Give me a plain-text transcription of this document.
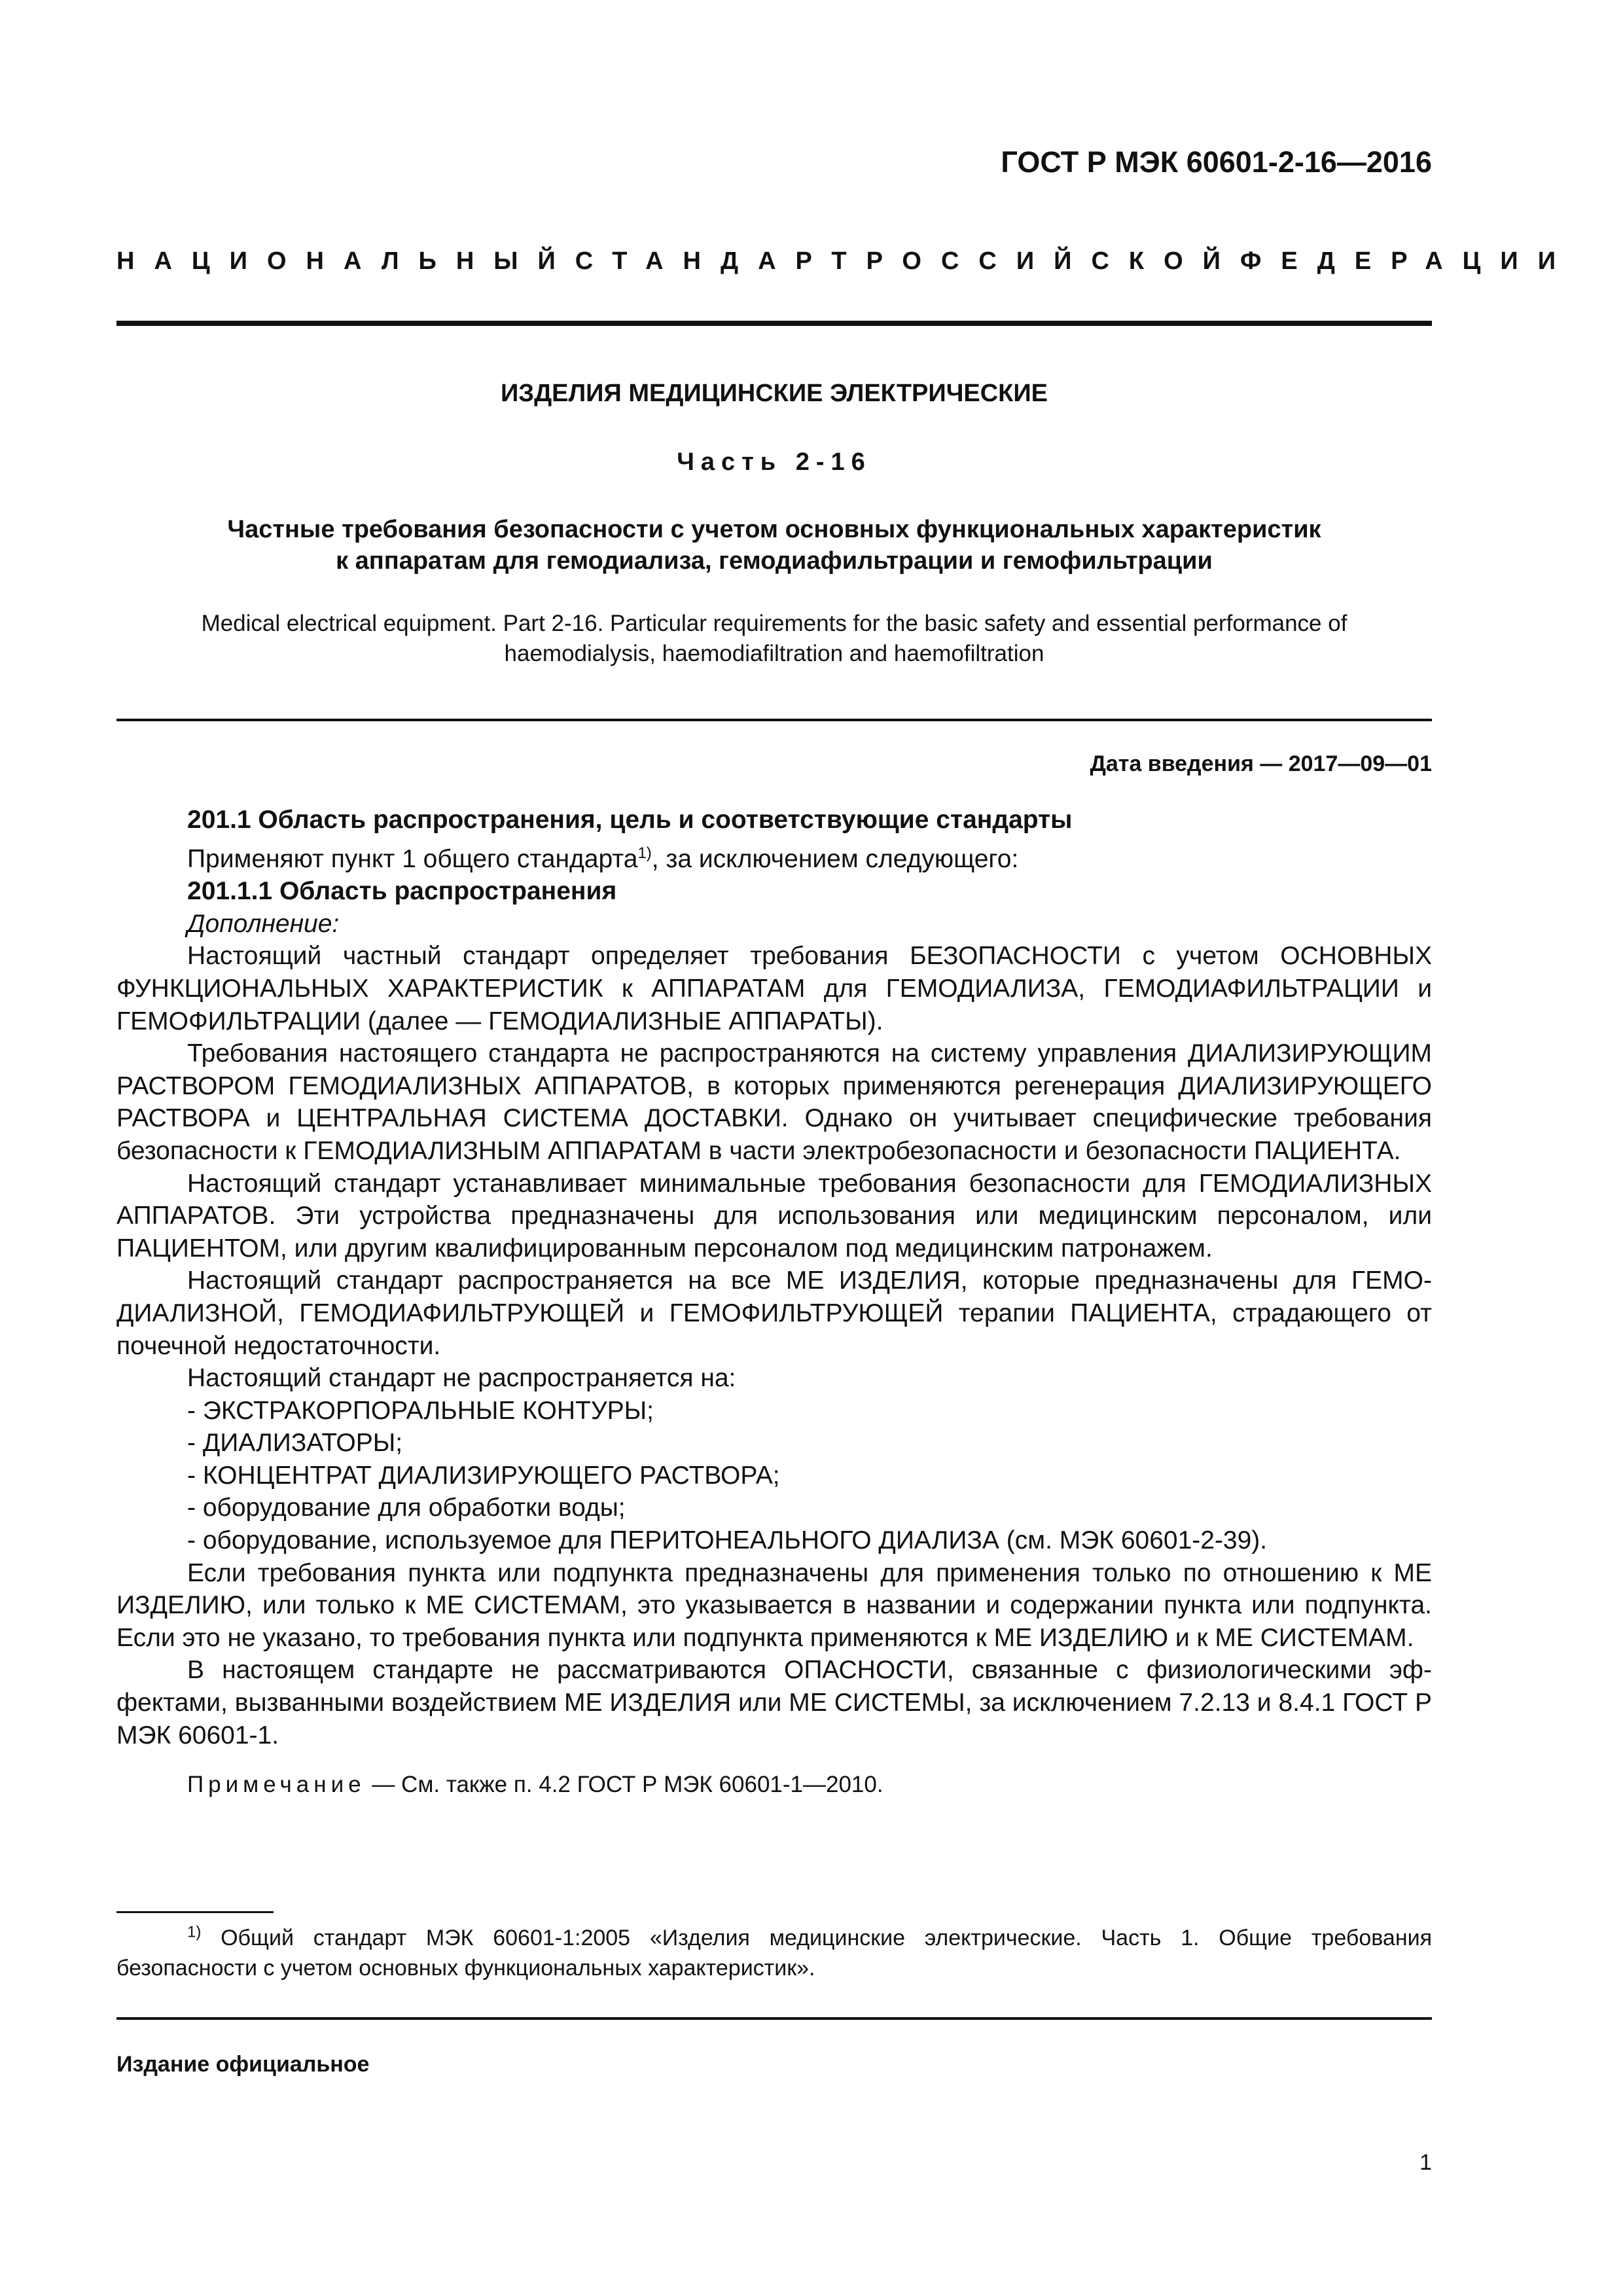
ГОСТ Р МЭК 60601-2-16—2016
НАЦИОНАЛЬНЫЙ СТАНДАРТ РОССИЙСКОЙ ФЕДЕРАЦИИ
ИЗДЕЛИЯ МЕДИЦИНСКИЕ ЭЛЕКТРИЧЕСКИЕ
Часть 2-16
Частные требования безопасности с учетом основных функциональных характеристик
к аппаратам для гемодиализа, гемодиафильтрации и гемофильтрации
Medical electrical equipment. Part 2-16. Particular requirements for the basic safety and essential performance of
haemodialysis, haemodiafiltration and haemofiltration
Дата введения — 2017—09—01

201.1 Область распространения, цель и соответствующие стандарты

Применяют пункт 1 общего стандарта$^{1)}$, за исключением следующего:

201.1.1 Область распространения

Дополнение:

Настоящий частный стандарт определяет требования БЕЗОПАСНОСТИ с учетом ОСНОВНЫХ ФУНКЦИОНАЛЬНЫХ ХАРАКТЕРИСТИК к АППАРАТАМ для ГЕМОДИАЛИЗА, ГЕМОДИАФИЛЬТРАЦИИ и ГЕМОФИЛЬТРАЦИИ (далее — ГЕМОДИАЛИЗНЫЕ АППАРАТЫ).

Требования настоящего стандарта не распространяются на систему управления ДИАЛИЗИРУЮЩИМ РАСТВОРОМ ГЕМОДИАЛИЗНЫХ АППАРАТОВ, в которых применяются регенерация ДИАЛИЗИРУЮЩЕГО РАСТВОРА и ЦЕНТРАЛЬНАЯ СИСТЕМА ДОСТАВКИ. Однако он учитывает специфические требования безопасности к ГЕМОДИАЛИЗНЫМ АППАРАТАМ в части электробезопасности и безопасности ПАЦИЕНТА.

Настоящий стандарт устанавливает минимальные требования безопасности для ГЕМОДИАЛИЗНЫХ АППАРАТОВ. Эти устройства предназначены для использования или медицинским персоналом, или ПАЦИЕНТОМ, или другим квалифицированным персоналом под медицинским патронажем.

Настоящий стандарт распространяется на все МЕ ИЗДЕЛИЯ, которые предназначены для ГЕМОДИАЛИЗНОЙ, ГЕМОДИАФИЛЬТРУЮЩЕЙ и ГЕМОФИЛЬТРУЮЩЕЙ терапии ПАЦИЕНТА, страдающего от почечной недостаточности.

Настоящий стандарт не распространяется на:

- ЭКСТРАКОРПОРАЛЬНЫЕ КОНТУРЫ;

- ДИАЛИЗАТОРЫ;

- КОНЦЕНТРАТ ДИАЛИЗИРУЮЩЕГО РАСТВОРА;

- оборудование для обработки воды;

- оборудование, используемое для ПЕРИТОНЕАЛЬНОГО ДИАЛИЗА (см. МЭК 60601-2-39).

Если требования пункта или подпункта предназначены для применения только по отношению к МЕ ИЗДЕЛИЮ, или только к МЕ СИСТЕМАМ, это указывается в названии и содержании пункта или подпункта. Если это не указано, то требования пункта или подпункта применяются к МЕ ИЗДЕЛИЮ и к МЕ СИСТЕМАМ.

В настоящем стандарте не рассматриваются ОПАСНОСТИ, связанные с физиологическими эффектами, вызванными воздействием МЕ ИЗДЕЛИЯ или МЕ СИСТЕМЫ, за исключением 7.2.13 и 8.4.1 ГОСТ Р МЭК 60601-1.

Примечание — См. также п. 4.2 ГОСТ Р МЭК 60601-1—2010.

$^{1)}$ Общий стандарт МЭК 60601-1:2005 «Изделия медицинские электрические. Часть 1. Общие требования безопасности с учетом основных функциональных характеристик».
Издание официальное
1
